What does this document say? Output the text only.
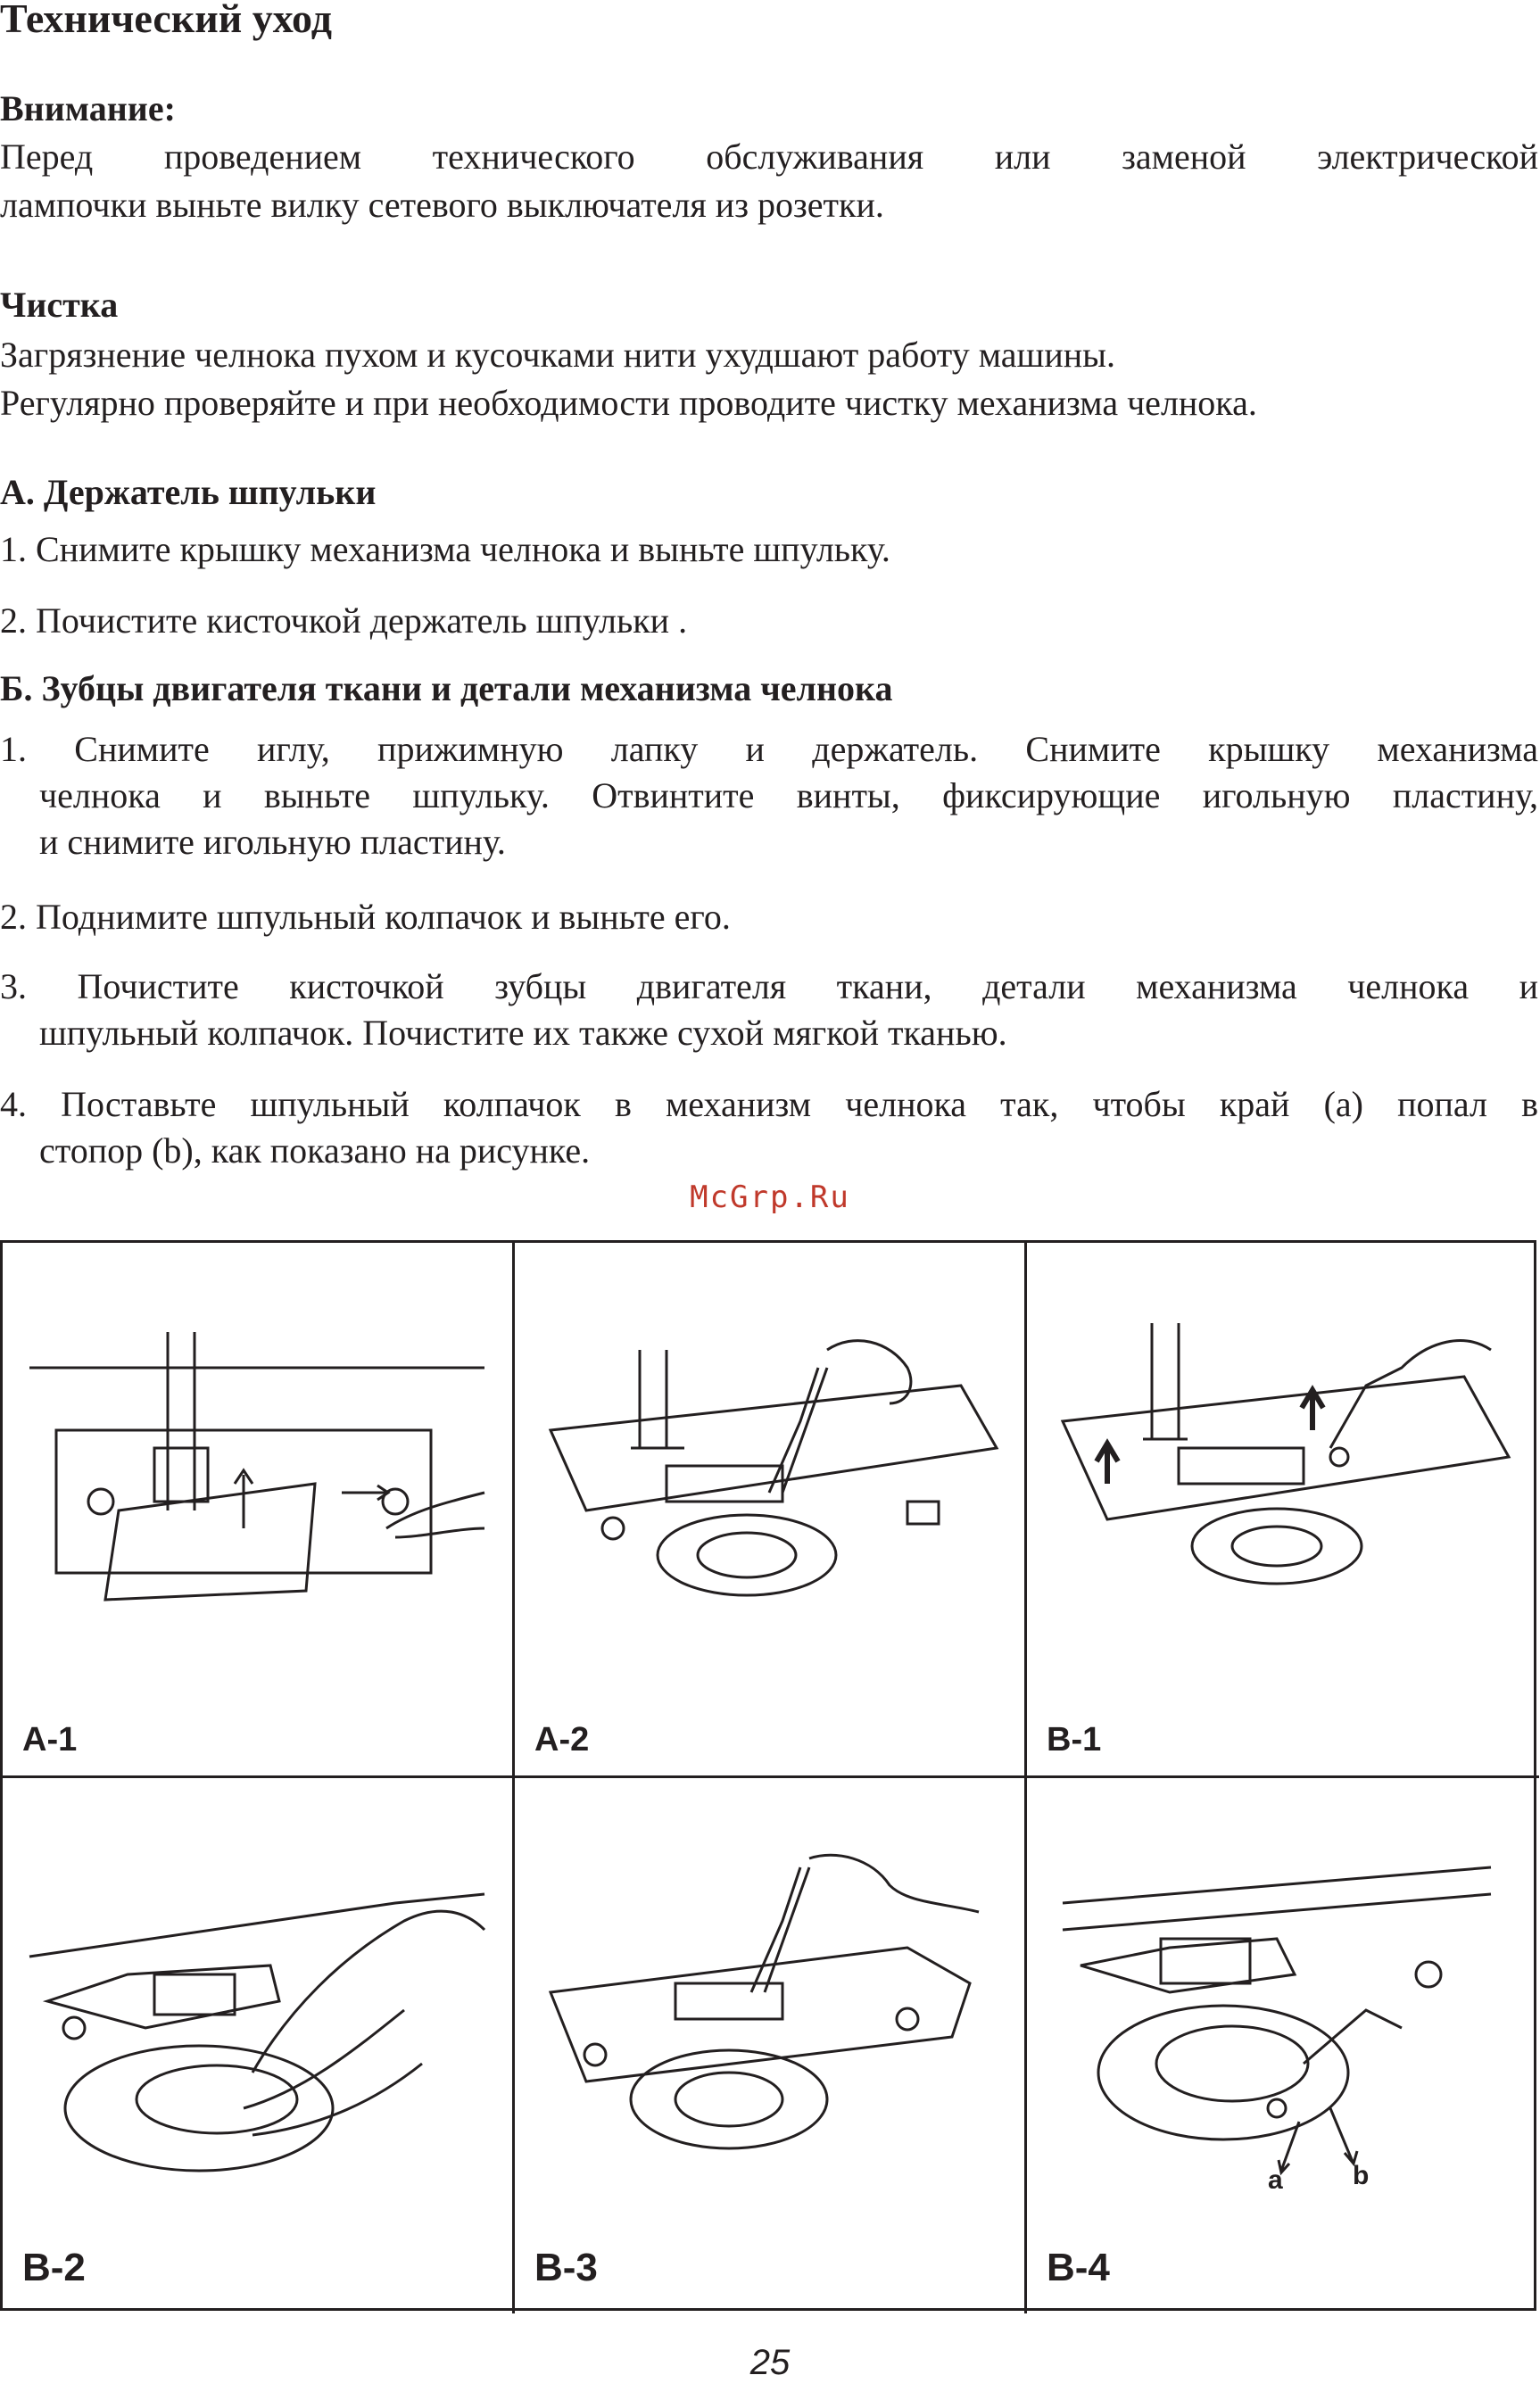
Технический уход
Внимание:
Перед проведением технического обслуживания или заменой электрической
лампочки выньте вилку сетевого выключателя из розетки.
Чистка
Загрязнение челнока пухом и кусочками нити ухудшают работу машины.
Регулярно проверяйте и при необходимости проводите чистку механизма челнока.
А. Держатель шпульки
1. Снимите крышку механизма челнока и выньте шпульку.
2. Почистите кисточкой держатель шпульки .
Б. Зубцы двигателя ткани и детали механизма челнока
1. Снимите иглу, прижимную лапку и держатель. Снимите крышку механизма
челнока и выньте шпульку. Отвинтите винты, фиксирующие игольную пластину,
и снимите игольную пластину.
2. Поднимите шпульный колпачок и выньте его.
3. Почистите кисточкой зубцы двигателя ткани, детали механизма челнока и
шпульный колпачок. Почистите их также сухой мягкой тканью.
4. Поставьте шпульный колпачок в механизм челнока так, чтобы край (а) попал в
стопор (b), как показано на рисунке.
McGrp.Ru
A-1	A-2	B-1
B-2	B-3
a	b
B-4
25
